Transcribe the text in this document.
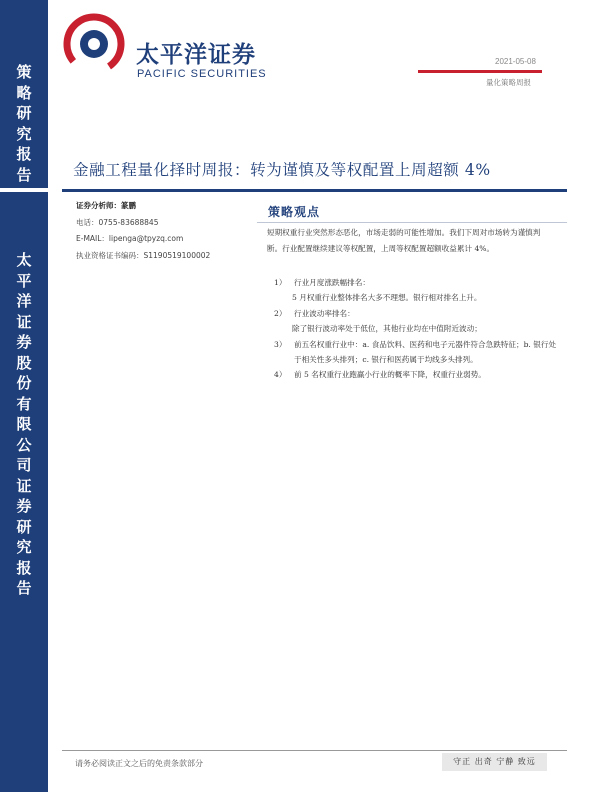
策略研究报告
太平洋证券股份有限公司证券研究报告
太平洋证券
PACIFIC SECURITIES
2021-05-08
量化策略周报
金融工程量化择时周报：转为谨慎及等权配置上周超额 4%
证券分析师：篆鹏
电话：0755-83688845
E-MAIL：lipenga@tpyzq.com
执业资格证书编码：S1190519100002
策略观点
短期权重行业突然形态恶化，市场走弱的可能性增加。我们下周对市场转为谨慎判断。行业配置继续建议等权配置，上周等权配置超额收益累计 4%。
1） 行业月度涨跌幅排名：
5 月权重行业整体排名大多不理想。银行相对排名上升。
2） 行业波动率排名：
除了银行波动率处于低位，其他行业均在中值附近波动；
3） 前五名权重行业中：a. 食品饮料、医药和电子元器件符合急跌特征；b. 银行处于相关性多头排列；c. 银行和医药属于均线多头排列。
4） 前 5 名权重行业跑赢小行业的概率下降，权重行业弱势。
请务必阅读正文之后的免责条款部分	守正 出奇 宁静 致远
